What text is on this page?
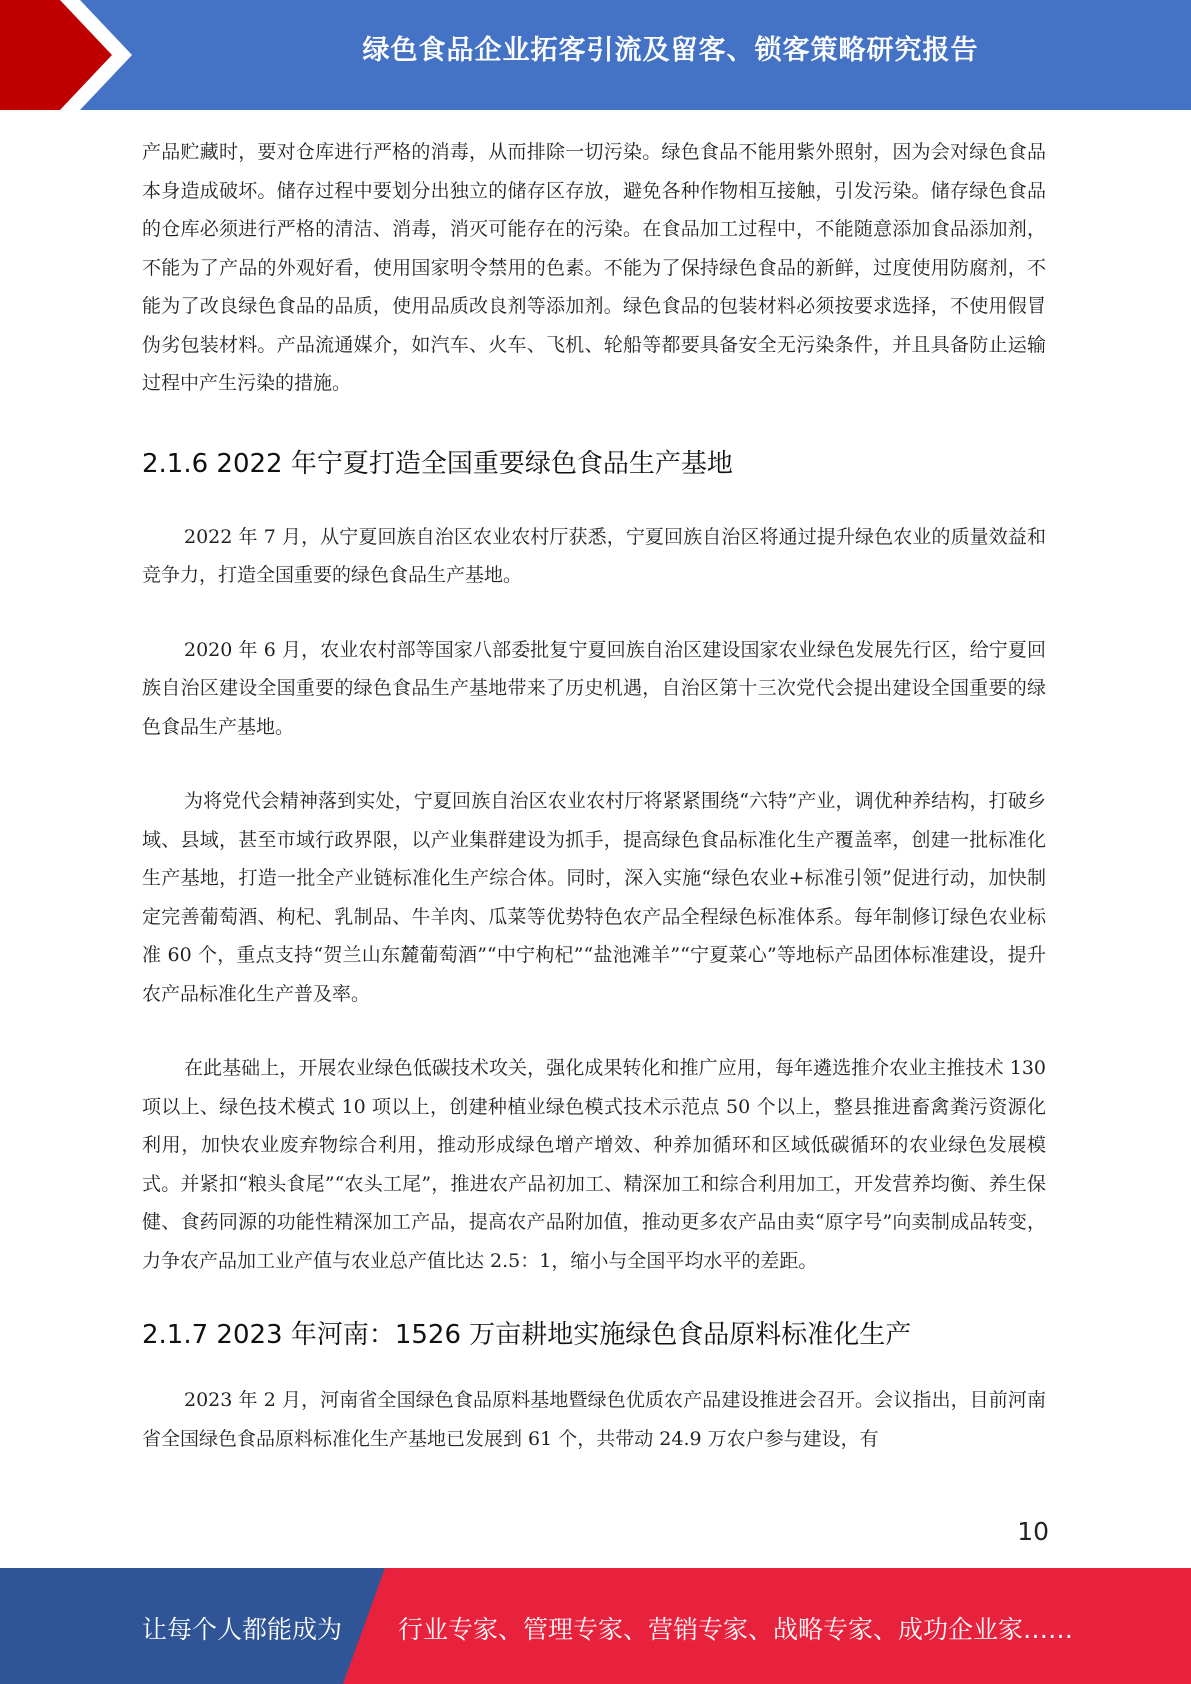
绿色食品企业拓客引流及留客、锁客策略研究报告

产品贮藏时，要对仓库进行严格的消毒，从而排除一切污染。绿色食品不能用紫外照射，因为会对绿色食品本身造成破坏。储存过程中要划分出独立的储存区存放，避免各种作物相互接触，引发污染。储存绿色食品的仓库必须进行严格的清洁、消毒，消灭可能存在的污染。在食品加工过程中，不能随意添加食品添加剂，不能为了产品的外观好看，使用国家明令禁用的色素。不能为了保持绿色食品的新鲜，过度使用防腐剂，不能为了改良绿色食品的品质，使用品质改良剂等添加剂。绿色食品的包装材料必须按要求选择，不使用假冒伪劣包装材料。产品流通媒介，如汽车、火车、飞机、轮船等都要具备安全无污染条件，并且具备防止运输过程中产生污染的措施。

2.1.6 2022 年宁夏打造全国重要绿色食品生产基地

2022 年 7 月，从宁夏回族自治区农业农村厅获悉，宁夏回族自治区将通过提升绿色农业的质量效益和竞争力，打造全国重要的绿色食品生产基地。

2020 年 6 月，农业农村部等国家八部委批复宁夏回族自治区建设国家农业绿色发展先行区，给宁夏回族自治区建设全国重要的绿色食品生产基地带来了历史机遇，自治区第十三次党代会提出建设全国重要的绿色食品生产基地。

为将党代会精神落到实处，宁夏回族自治区农业农村厅将紧紧围绕“六特”产业，调优种养结构，打破乡域、县域，甚至市域行政界限，以产业集群建设为抓手，提高绿色食品标准化生产覆盖率，创建一批标准化生产基地，打造一批全产业链标准化生产综合体。同时，深入实施“绿色农业+标准引领”促进行动，加快制定完善葡萄酒、枸杞、乳制品、牛羊肉、瓜菜等优势特色农产品全程绿色标准体系。每年制修订绿色农业标准 60 个，重点支持“贺兰山东麓葡萄酒”“中宁枸杞”“盐池滩羊”“宁夏菜心”等地标产品团体标准建设，提升农产品标准化生产普及率。

在此基础上，开展农业绿色低碳技术攻关，强化成果转化和推广应用，每年遴选推介农业主推技术 130 项以上、绿色技术模式 10 项以上，创建种植业绿色模式技术示范点 50 个以上，整县推进畜禽粪污资源化利用，加快农业废弃物综合利用，推动形成绿色增产增效、种养加循环和区域低碳循环的农业绿色发展模式。并紧扣“粮头食尾”“农头工尾”，推进农产品初加工、精深加工和综合利用加工，开发营养均衡、养生保健、食药同源的功能性精深加工产品，提高农产品附加值，推动更多农产品由卖“原字号”向卖制成品转变，力争农产品加工业产值与农业总产值比达 2.5：1，缩小与全国平均水平的差距。

2.1.7 2023 年河南：1526 万亩耕地实施绿色食品原料标准化生产

2023 年 2 月，河南省全国绿色食品原料基地暨绿色优质农产品建设推进会召开。会议指出，目前河南省全国绿色食品原料标准化生产基地已发展到 61 个，共带动 24.9 万农户参与建设，有

10
让每个人都能成为 行业专家、管理专家、营销专家、战略专家、成功企业家……
